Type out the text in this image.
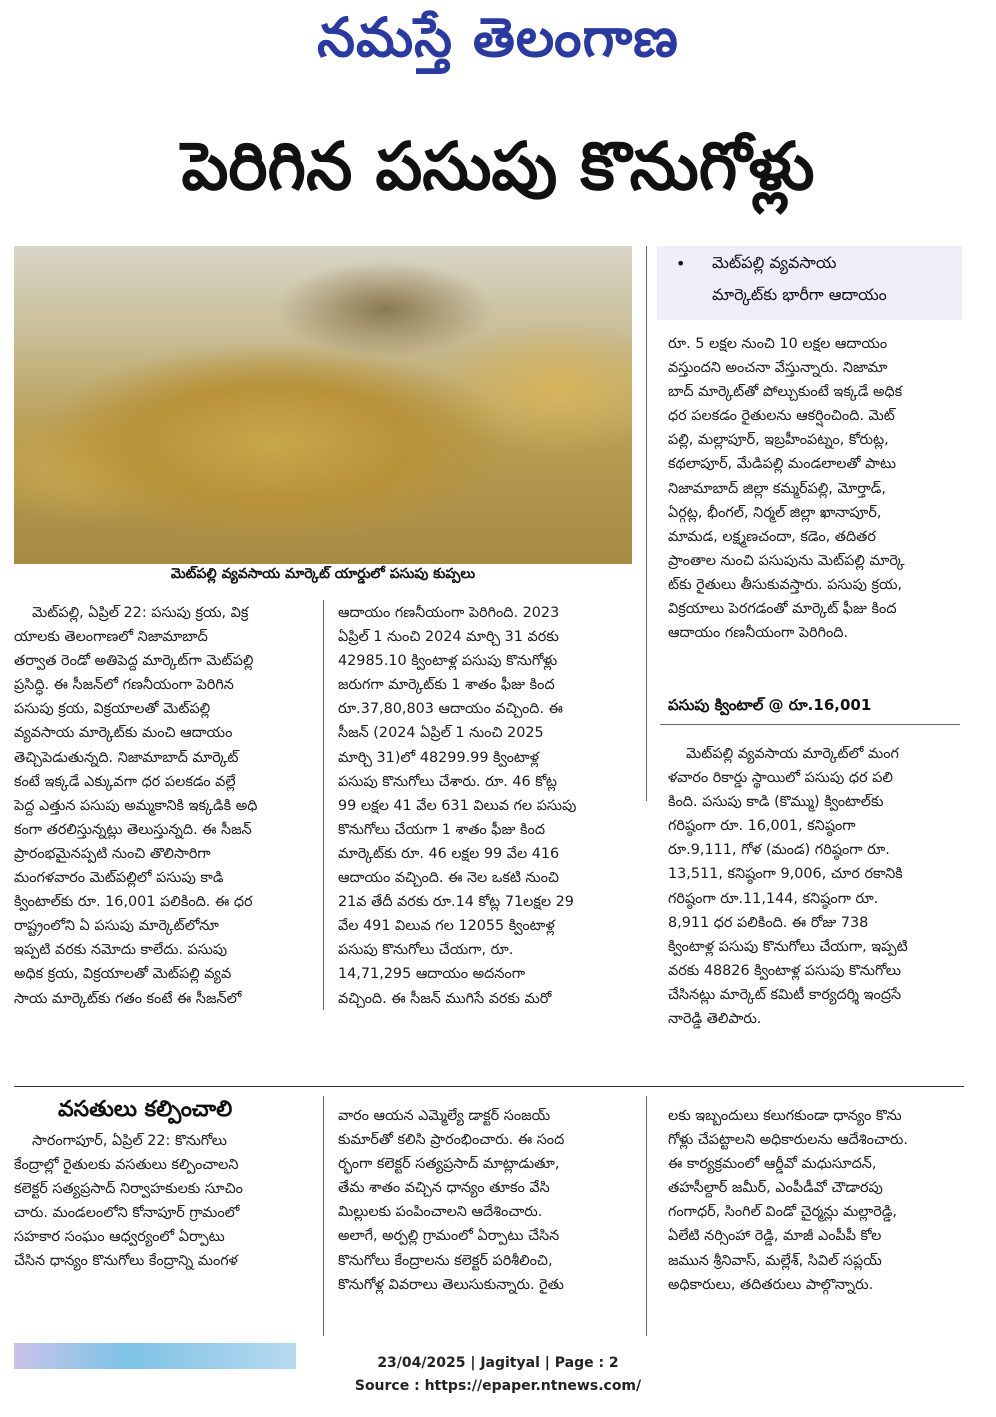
నమస్తే తెలంగాణ
పెరిగిన పసుపు కొనుగోళ్లు
మెట్‌పల్లి వ్యవసాయ మార్కెట్ యార్డులో పసుపు కుప్పలు
• మెట్‌పల్లి వ్యవసాయ
మార్కెట్‌కు భారీగా ఆదాయం
మెట్‌పల్లి, ఏప్రిల్ 22: పసుపు క్రయ, విక్ర
యాలకు తెలంగాణలో నిజామాబాద్
తర్వాత రెండో అతిపెద్ద మార్కెట్‌గా మెట్‌పల్లి
ప్రసిద్ధి. ఈ సీజన్‌లో గణనీయంగా పెరిగిన
పసుపు క్రయ, విక్రయాలతో మెట్‌పల్లి
వ్యవసాయ మార్కెట్‌కు మంచి ఆదాయం
తెచ్చిపెడుతున్నది. నిజామాబాద్ మార్కెట్
కంటే ఇక్కడే ఎక్కువగా ధర పలకడం వల్లే
పెద్ద ఎత్తున పసుపు అమ్మకానికి ఇక్కడికి అధి
కంగా తరలిస్తున్నట్లు తెలుస్తున్నది. ఈ సీజన్
ప్రారంభమైనప్పటి నుంచి తొలిసారిగా
మంగళవారం మెట్‌పల్లిలో పసుపు కాడి
క్వింటాల్‌కు రూ. 16,001 పలికింది. ఈ ధర
రాష్ట్రంలోని ఏ పసుపు మార్కెట్‌లోనూ
ఇప్పటి వరకు నమోదు కాలేదు. పసుపు
అధిక క్రయ, విక్రయాలతో మెట్‌పల్లి వ్యవ
సాయ మార్కెట్‌కు గతం కంటే ఈ సీజన్‌లో
ఆదాయం గణనీయంగా పెరిగింది. 2023
ఏప్రిల్ 1 నుంచి 2024 మార్చి 31 వరకు
42985.10 క్వింటాళ్ల పసుపు కొనుగోళ్లు
జరుగగా మార్కెట్‌కు 1 శాతం ఫీజు కింద
రూ.37,80,803 ఆదాయం వచ్చింది. ఈ
సీజన్ (2024 ఏప్రిల్ 1 నుంచి 2025
మార్చి 31)లో 48299.99 క్వింటాళ్ల
పసుపు కొనుగోలు చేశారు. రూ. 46 కోట్ల
99 లక్షల 41 వేల 631 విలువ గల పసుపు
కొనుగోలు చేయగా 1 శాతం ఫీజు కింద
మార్కెట్‌కు రూ. 46 లక్షల 99 వేల 416
ఆదాయం వచ్చింది. ఈ నెల ఒకటి నుంచి
21వ తేదీ వరకు రూ.14 కోట్ల 71లక్షల 29
వేల 491 విలువ గల 12055 క్వింటాళ్ల
పసుపు కొనుగోలు చేయగా, రూ.
14,71,295 ఆదాయం అదనంగా
వచ్చింది. ఈ సీజన్ ముగిసే వరకు మరో
రూ. 5 లక్షల నుంచి 10 లక్షల ఆదాయం
వస్తుందని అంచనా వేస్తున్నారు. నిజామా
బాద్ మార్కెట్‌తో పోల్చుకుంటే ఇక్కడే అధిక
ధర పలకడం రైతులను ఆకర్షించింది. మెట్
పల్లి, మల్లాపూర్, ఇబ్రహీంపట్నం, కోరుట్ల,
కథలాపూర్, మేడిపల్లి మండలాలతో పాటు
నిజామాబాద్ జిల్లా కమ్మర్‌పల్లి, మోర్తాడ్,
ఏర్గట్ల, భీంగల్, నిర్మల్ జిల్లా ఖానాపూర్,
మామడ, లక్ష్మణచందా, కడెం, తదితర
ప్రాంతాల నుంచి పసుపును మెట్‌పల్లి మార్కె
ట్‌కు రైతులు తీసుకువస్తారు. పసుపు క్రయ,
విక్రయాలు పెరగడంతో మార్కెట్ ఫీజు కింద
ఆదాయం గణనీయంగా పెరిగింది.
పసుపు క్వింటాల్ @ రూ.16,001
మెట్‌పల్లి వ్యవసాయ మార్కెట్‌లో మంగ
ళవారం రికార్డు స్థాయిలో పసుపు ధర పలి
కింది. పసుపు కాడి (కొమ్ము) క్వింటాల్‌కు
గరిష్ఠంగా రూ. 16,001, కనిష్ఠంగా
రూ.9,111, గోళ (మండ) గరిష్ఠంగా రూ.
13,511, కనిష్ఠంగా 9,006, చూర రకానికి
గరిష్ఠంగా రూ.11,144, కనిష్ఠంగా రూ.
8,911 ధర పలికింది. ఈ రోజు 738
క్వింటాళ్ల పసుపు కొనుగోలు చేయగా, ఇప్పటి
వరకు 48826 క్వింటాళ్ల పసుపు కొనుగోలు
చేసినట్లు మార్కెట్ కమిటీ కార్యదర్శి ఇంద్రసే
నారెడ్డి తెలిపారు.
వసతులు కల్పించాలి
సారంగాపూర్, ఏప్రిల్ 22: కొనుగోలు
కేంద్రాల్లో రైతులకు వసతులు కల్పించాలని
కలెక్టర్ సత్యప్రసాద్ నిర్వాహకులకు సూచిం
చారు. మండలంలోని కోనాపూర్ గ్రామంలో
సహకార సంఘం ఆధ్వర్యంలో ఏర్పాటు
చేసిన ధాన్యం కొనుగోలు కేంద్రాన్ని మంగళ
వారం ఆయన ఎమ్మెల్యే డాక్టర్ సంజయ్
కుమార్‌తో కలిసి ప్రారంభించారు. ఈ సంద
ర్భంగా కలెక్టర్ సత్యప్రసాద్ మాట్లాడుతూ,
తేమ శాతం వచ్చిన ధాన్యం తూకం వేసి
మిల్లులకు పంపించాలని ఆదేశించారు.
అలాగే, అర్పల్లి గ్రామంలో ఏర్పాటు చేసిన
కొనుగోలు కేంద్రాలను కలెక్టర్ పరిశీలించి,
కొనుగోళ్ల వివరాలు తెలుసుకున్నారు. రైతు
లకు ఇబ్బందులు కలుగకుండా ధాన్యం కొను
గోళ్లు చేపట్టాలని అధికారులను ఆదేశించారు.
ఈ కార్యక్రమంలో ఆర్డీవో మధుసూదన్,
తహసీల్దార్ జమీర్, ఎంపీడీవో చౌడారపు
గంగాధర్, సింగిల్ విండో చైర్మన్లు మల్లారెడ్డి,
ఏలేటి నర్సింహా రెడ్డి, మాజీ ఎంపీపీ కోల
జమున శ్రీనివాస్, మల్లేశ్, సివిల్ సప్లయ్
అధికారులు, తదితరులు పాల్గొన్నారు.
23/04/2025 | Jagityal | Page : 2
Source : https://epaper.ntnews.com/
